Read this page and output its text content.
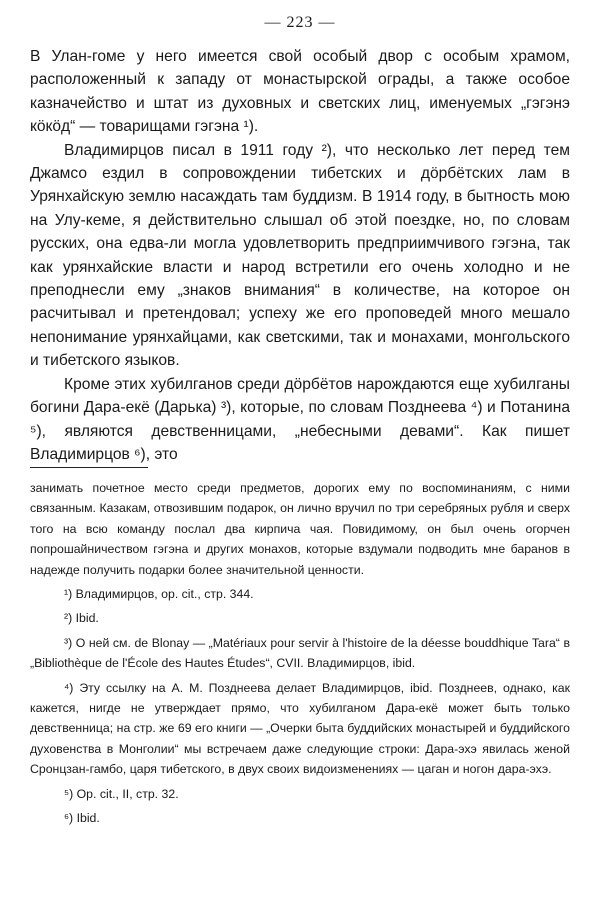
— 223 —

В Улан-гоме у него имеется свой особый двор с особым храмом, расположенный к западу от монастырской ограды, а также особое казначейство и штат из духовных и светских лиц, именуемых „гэгэнэ кöкöд“ — товарищами гэгэна ¹).

Владимирцов писал в 1911 году ²), что несколько лет перед тем Джамсо ездил в сопровождении тибетских и дöрбётских лам в Урянхайскую землю насаждать там буддизм. В 1914 году, в бытность мою на Улу-кеме, я действительно слышал об этой поездке, но, по словам русских, она едва-ли могла удовлетворить предприимчивого гэгэна, так как урянхайские власти и народ встретили его очень холодно и не преподнесли ему „знаков внимания“ в количестве, на которое он расчитывал и претендовал; успеху же его проповедей много мешало непонимание урянхайцами, как светскими, так и монахами, монгольского и тибетского языков.

Кроме этих хубилганов среди дöрбётов нарождаются еще хубилганы богини Дара-екё (Дарька) ³), которые, по словам Позднеева ⁴) и Потанина ⁵), являются девственницами, „небесными девами“. Как пишет Владимирцов ⁶), это

занимать почетное место среди предметов, дорогих ему по воспоминаниям, с ними связанным. Казакам, отвозившим подарок, он лично вручил по три серебряных рубля и сверх того на всю команду послал два кирпича чая. Повидимому, он был очень огорчен попрошайничеством гэгэна и других монахов, которые вздумали подводить мне баранов в надежде получить подарки более значительной ценности.

¹) Владимирцов, op. cit., стр. 344.

²) Ibid.

³) О ней см. de Blonay — „Matériaux pour servir à l'histoire de la déesse bouddhique Tara“ в „Bibliothèque de l'École des Hautes Études“, CVII. Владимирцов, ibid.

⁴) Эту ссылку на А. М. Позднеева делает Владимирцов, ibid. Позднеев, однако, как кажется, нигде не утверждает прямо, что хубилганом Дара-екё может быть только девственница; на стр. же 69 его книги — „Очерки быта буддийских монастырей и буддийского духовенства в Монголии“ мы встречаем даже следующие строки: Дара-эхэ явилась женой Сронцзан-гамбо, царя тибетского, в двух своих видоизменениях — цаган и ногон дара-эхэ.

⁵) Op. cit., II, стр. 32.

⁶) Ibid.
